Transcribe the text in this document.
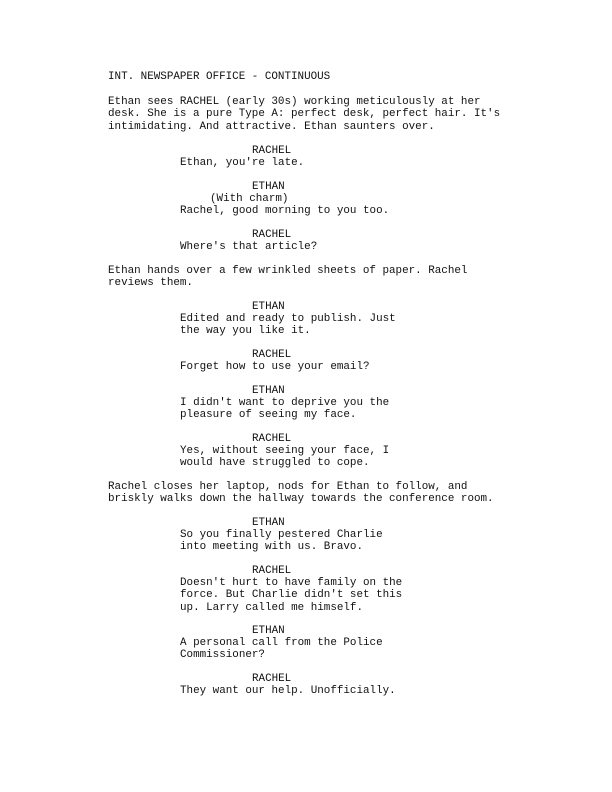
INT. NEWSPAPER OFFICE - CONTINUOUS
Ethan sees RACHEL (early 30s) working meticulously at her
desk. She is a pure Type A: perfect desk, perfect hair. It's
intimidating. And attractive. Ethan saunters over.
RACHEL
Ethan, you're late.
ETHAN
(With charm)
Rachel, good morning to you too.
RACHEL
Where's that article?
Ethan hands over a few wrinkled sheets of paper. Rachel
reviews them.
ETHAN
Edited and ready to publish. Just
the way you like it.
RACHEL
Forget how to use your email?
ETHAN
I didn't want to deprive you the
pleasure of seeing my face.
RACHEL
Yes, without seeing your face, I
would have struggled to cope.
Rachel closes her laptop, nods for Ethan to follow, and
briskly walks down the hallway towards the conference room.
ETHAN
So you finally pestered Charlie
into meeting with us. Bravo.
RACHEL
Doesn't hurt to have family on the
force. But Charlie didn't set this
up. Larry called me himself.
ETHAN
A personal call from the Police
Commissioner?
RACHEL
They want our help. Unofficially.
